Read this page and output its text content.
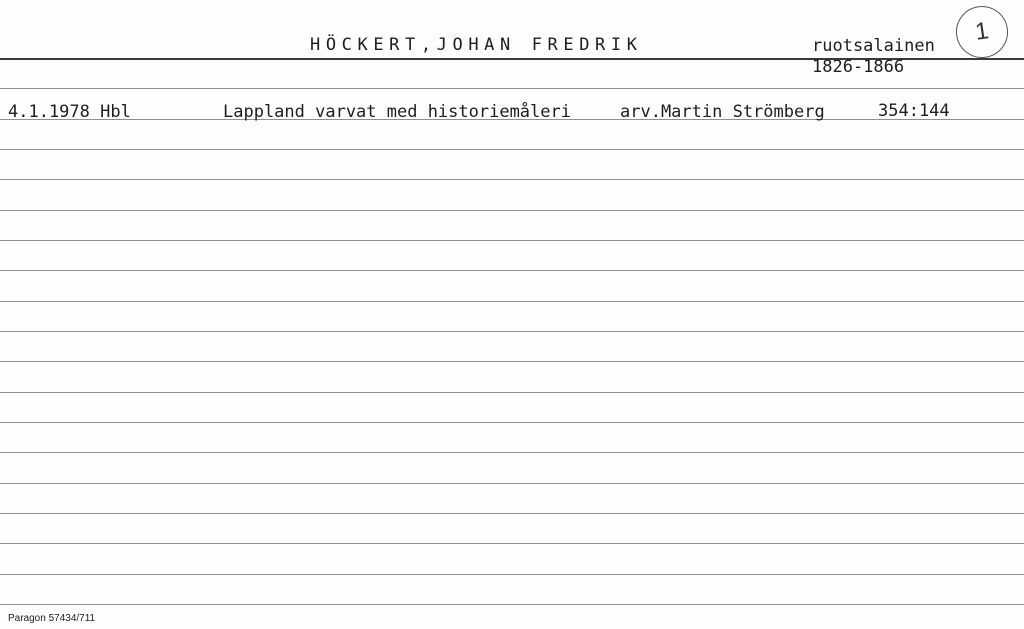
HÖCKERT,JOHAN FREDRIK	ruotsalainen
1826-1866
1
4.1.1978 Hbl	Lappland varvat med historiemåleri	arv.Martin Strömberg	354:144
Paragon 57434/711
